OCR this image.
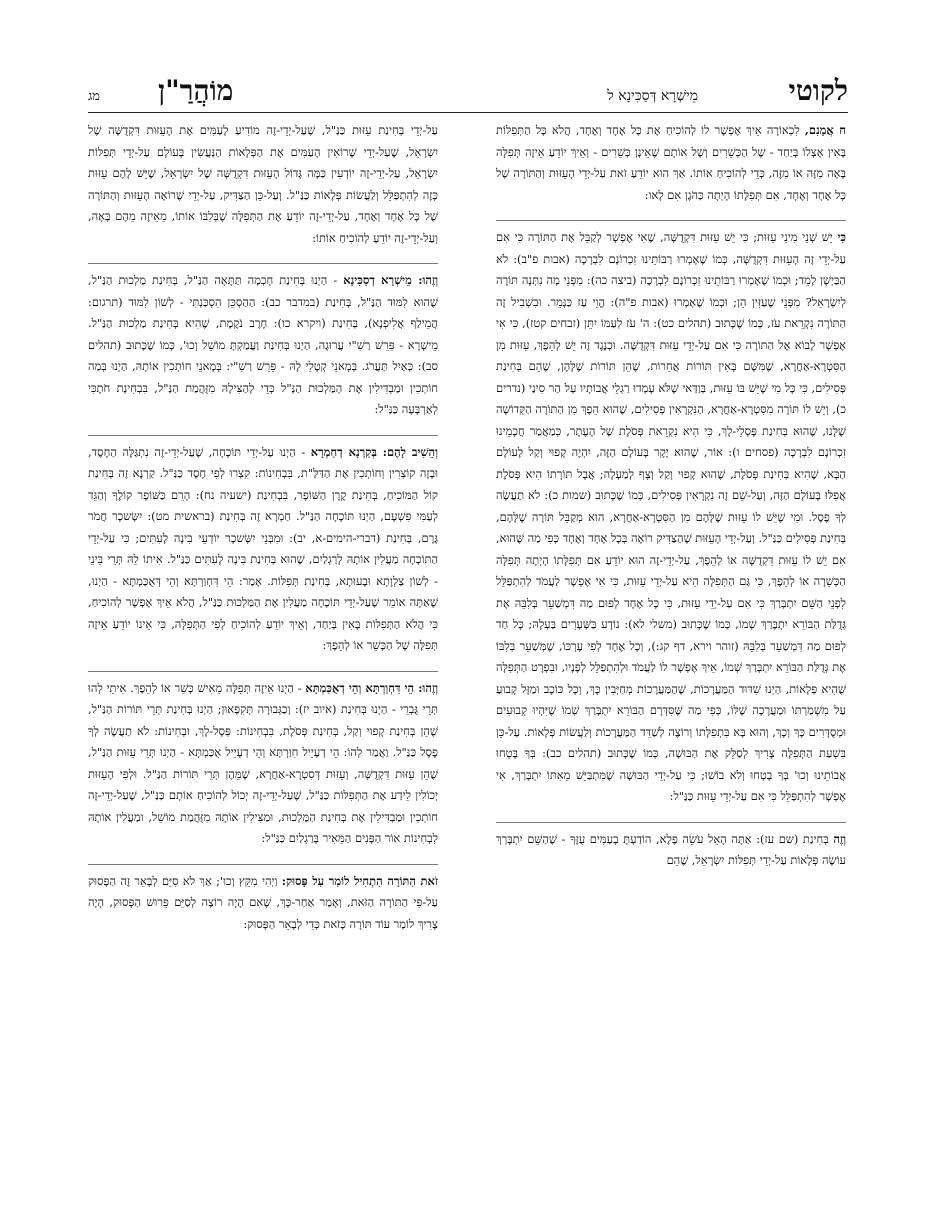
לקוטי
מֵישְׁרָא דְּסַכִּינָא ל
מוֹהֲרַ"ן
מג

ח אֲמָנִם, לִכְאוֹרָה אֵיךְ אֶפְשָׁר לוֹ לְהוֹכִיחַ אֶת כָּל אֶחָד וְאֶחָד, הֲלֹא כָּל הַתְּפִלּוֹת בָּאִין אֶצְלוֹ בְּיַחַד - שֶׁל הַכְּשֵׁרִים וְשֶׁל אוֹתָם שֶׁאֵינָן כְּשֵׁרִים - וְאֵיךְ יוֹדֵעַ אֵיזֶה תְּפִלָּה בָּאָה מִזֶּה אוֹ מִזֶּה, כְּדֵי לְהוֹכִיחַ אוֹתוֹ. אַךְ הוּא יוֹדֵעַ זֹאת עַל-יְדֵי הָעֵזּוּת וְהַתּוֹרָה שֶׁל כָּל אֶחָד וְאֶחָד, אִם תְּפִלָּתוֹ הָיְתָה כַּהֹגֶן אִם לָאו:

כִּי יֵשׁ שְׁנֵי מִינֵי עֵזּוּת; כִּי יֵשׁ עֵזּוּת דִּקְדֻשָּׁה, שֶׁאִי אֶפְשָׁר לְקַבֵּל אֶת הַתּוֹרָה כִּי אִם עַל-יְדֵי זֶה הָעֵזּוּת דִּקְדֻשָּׁה, כְּמוֹ שֶׁאָמְרוּ רַבּוֹתֵינוּ זִכְרוֹנָם לִבְרָכָה (אבות פ"ב): לֹא הַבַּיְשָׁן לָמֵד; וּכְמוֹ שֶׁאָמְרוּ רַבּוֹתֵינוּ זִכְרוֹנָם לִבְרָכָה (ביצה כה): מִפְּנֵי מָה נִתְּנָה תּוֹרָה לְיִשְׂרָאֵל? מִפְּנֵי שֶׁעַזִּין הֵן; וּכְמוֹ שֶׁאָמְרוּ (אבות פ"ה): הֱוֵי עַז כַּנָּמֵר. וּבִשְׁבִיל זֶה הַתּוֹרָה נִקְרֵאת עֹז, כְּמוֹ שֶׁכָּתוּב (תהלים כט): ה' עֹז לְעַמּוֹ יִתֵּן (זבחים קטז), כִּי אִי אֶפְשָׁר לָבוֹא אֶל הַתּוֹרָה כִּי אִם עַל-יְדֵי עֵזּוּת דִּקְדֻשָּׁה. וּכְנֶגֶד זֶה יֵשׁ לְהֵפֶךְ, עֵזּוּת מִן הַסִּטְרָא-אַחֲרָא, שֶׁמִּשָּׁם בָּאִין תּוֹרוֹת אֲחֵרוֹת, שֶׁהֵן תּוֹרוֹת שֶׁלָּהֶן, שֶׁהֵם בְּחִינַת פְּסִילִים, כִּי כָּל מִי שֶׁיֵּשׁ בּוֹ עֵזּוּת, בְּוַדַּאי שֶׁלֹּא עָמְדוּ רַגְלֵי אֲבוֹתָיו עַל הַר סִינַי (נדרים כ), וְיֵשׁ לוֹ תּוֹרָה מִסִּטְרָא-אַחֲרָא, הַנִּקְרָאִין פְּסִילִים, שֶׁהוּא הֵפֶךְ מִן הַתּוֹרָה הַקְּדוֹשָׁה שֶׁלָּנוּ, שֶׁהוּא בְּחִינַת פָּסְלֵי-לָךְ, כִּי הִיא נִקְרֵאת פְּסֹלֶת שֶׁל הָעֶתֶר, כְּמַאֲמַר חֲכָמֵינוּ זִכְרוֹנָם לִבְרָכָה (פסחים ו): אוֹר, שֶׁהוּא יָקָר בָּעוֹלָם הַזֶּה, יִהְיֶה קָפוּי וְקַל לָעוֹלָם הַבָּא, שֶׁהִיא בְּחִינַת פְּסֹלֶת, שֶׁהוּא קָפוּי וְקַל וְצָף לְמַעְלָה; אֲבָל תּוֹרָתוֹ הִיא פְּסֹלֶת אֲפִלּוּ בָּעוֹלָם הַזֶּה, וְעַל-שֵׁם זֶה נִקְרָאִין פְּסִילִים, כְּמוֹ שֶׁכָּתוּב (שמות כ): לֹא תַעֲשֶׂה לְךָ פֶסֶל. וּמִי שֶׁיֵּשׁ לוֹ עֵזּוּת שֶׁלָּהֶם מִן הַסִּטְרָא-אַחֲרָא, הוּא מְקַבֵּל תּוֹרָה שֶׁלָּהֶם, בְּחִינַת פְּסִילִים כַּנַּ"ל. וְעַל-יְדֵי הָעֵזּוּת שֶׁהַצַּדִּיק רוֹאֶה בְּכָל אֶחָד וְאֶחָד כְּפִי מַה שֶּׁהוּא, אִם יֵשׁ לוֹ עֵזּוּת דִּקְדֻשָּׁה אוֹ לְהֵפֶךְ, עַל-יְדֵי-זֶה הוּא יוֹדֵעַ אִם תְּפִלָּתוֹ הָיְתָה תְּפִלָּה הַכְּשֵׁרָה אוֹ לְהֵפֶךְ, כִּי גַּם הַתְּפִלָּה הִיא עַל-יְדֵי עֵזּוּת, כִּי אִי אֶפְשָׁר לַעֲמֹד לְהִתְפַּלֵּל לִפְנֵי הַשֵּׁם יִתְבָּרַךְ כִּי אִם עַל-יְדֵי עֵזּוּת, כִּי כָּל אֶחָד לְפוּם מַה דִּמְשַׁעֵר בְּלִבֵּהּ אֶת גְּדֻלַּת הַבּוֹרֵא יִתְבָּרַךְ שְׁמוֹ, כְּמוֹ שֶׁכָּתוּב (משלי לא): נוֹדָע בַּשְּׁעָרִים בַּעְלָהּ; כָּל חַד לְפוּם מַה דִּמְשַׁעֵר בְּלִבֵּהּ (זוהר וירא, דף קג:), וְכָל אֶחָד לְפִי עֶרְכּוֹ, שֶׁמְּשַׁעֵר בְּלִבּוֹ אֶת גְּדֻלַּת הַבּוֹרֵא יִתְבָּרַךְ שְׁמוֹ, אֵיךְ אֶפְשָׁר לוֹ לַעֲמֹד וּלְהִתְפַּלֵּל לְפָנָיו, וּבִפְרָט הַתְּפִלָּה שֶׁהִיא פְּלָאוֹת, הַיְנוּ שִׁדּוּד הַמַּעֲרָכוֹת, שֶׁהַמַּעֲרָכוֹת מְחַיְּבִין כָּךְ, וְכָל כּוֹכָב וּמַזָּל קָבוּעַ עַל מִשְׁמַרְתּוֹ וּמַעֲרָכָה שֶׁלּוֹ, כְּפִי מַה שֶּׁסִּדְּרָם הַבּוֹרֵא יִתְבָּרַךְ שְׁמוֹ שֶׁיִּהְיוּ קְבוּעִים וּמְסֻדָּרִים כָּךְ וְכָךְ, וְהוּא בָּא בִּתְפִלָּתוֹ וְרוֹצֶה לְשַׁדֵּד הַמַּעֲרָכוֹת וְלַעֲשׂוֹת פְּלָאוֹת. עַל-כֵּן בִּשְׁעַת הַתְּפִלָּה צָרִיךְ לְסַלֵּק אֶת הַבּוּשָׁה, כְּמוֹ שֶׁכָּתוּב (תהלים כב): בְּךָ בָּטְחוּ אֲבוֹתֵינוּ וְכוּ' בְּךָ בָטְחוּ וְלֹא בוֹשׁוּ; כִּי עַל-יְדֵי הַבּוּשָׁה שֶׁמִּתְבַּיֵּשׁ מֵאִתּוֹ יִתְבָּרַךְ, אִי אֶפְשָׁר לְהִתְפַּלֵּל כִּי אִם עַל-יְדֵי עֵזּוּת כַּנַּ"ל:

וְזֶה בְּחִינַת (שם עז): אַתָּה הָאֵל עֹשֵׂה פֶלֶא, הוֹדַעְתָּ בָעַמִּים עֻזֶּךָ - שֶׁהַשֵּׁם יִתְבָּרַךְ עוֹשֶׂה פְּלָאוֹת עַל-יְדֵי תְּפִלּוֹת יִשְׂרָאֵל, שֶׁהֵם

עַל-יְדֵי בְּחִינַת עֵזּוּת כַּנַּ"ל, שֶׁעַל-יְדֵי-זֶה מוֹדִיעַ לָעַמִּים אֶת הָעֵזּוּת דִּקְדֻשָּׁה שֶׁל יִשְׂרָאֵל, שֶׁעַל-יְדֵי שֶׁרוֹאִין הָעַמִּים אֶת הַפְּלָאוֹת הַנַּעֲשִׂין בָּעוֹלָם עַל-יְדֵי תְּפִלּוֹת יִשְׂרָאֵל, עַל-יְדֵי-זֶה יוֹדְעִין כַּמָּה גָּדוֹל הָעֵזּוּת דִּקְדֻשָּׁה שֶׁל יִשְׂרָאֵל, שֶׁיֵּשׁ לָהֶם עֵזּוּת כָּזֶה לְהִתְפַּלֵּל וְלַעֲשׂוֹת פְּלָאוֹת כַּנַּ"ל. וְעַל-כֵּן הַצַּדִּיק, עַל-יְדֵי שֶׁרוֹאֶה הָעֵזּוּת וְהַתּוֹרָה שֶׁל כָּל אֶחָד וְאֶחָד, עַל-יְדֵי-זֶה יוֹדֵעַ אֶת הַתְּפִלָּה שֶׁבְּלִבּוֹ אוֹתוֹ, מֵאֵיזֶה מֵהֶם בָּאָה, וְעַל-יְדֵי-זֶה יוֹדֵעַ לְהוֹכִיחַ אוֹתוֹ:

וְזֶהוּ: מֵישְׁרָא דְסַכִּינָא - הַיְנוּ בְּחִינַת חָכְמָה תַּתָּאָה הַנַּ"ל, בְּחִינַת מַלְכוּת הַנַּ"ל, שֶׁהוּא לִמּוּד הַנַּ"ל, בְּחִינַת (במדבר כב): הַהַסְכֵּן הִסְכַּנְתִּי - לְשׁוֹן לִמּוּד (תרגום: הֲמֵילַף אֲלִיפְנָא), בְּחִינַת (ויקרא כו): חֶרֶב נֹקֶמֶת, שֶׁהִיא בְּחִינַת מַלְכוּת הַנַּ"ל. מֵישְׁרָא - פֵּרֵשׁ רַשִׁ"י עֲרוּגָה, הַיְנוּ בְּחִינַת וַעֲמַקְתָּ מוֹשֵׁל וְכוּ', כְּמוֹ שֶׁכָּתוּב (תהלים סב): כְּאַיִל תַּעֲרֹג. בְּמָאנֵי קְטָלֵי לָהּ - פֵּרֵשׁ רַשִׁ"י: בְּמָאנֵי חוֹתְכִין אוֹתָהּ, הַיְנוּ בְּמַה חוֹתְכִין וּמַבְדִּילִין אֶת הַמַּלְכוּת הַנַּ"ל כְּדֵי לְהַצִּילָהּ מִזֻּהֲמַת הַנַּ"ל, בִּבְחִינַת חֹתֶכִּי לְאַרְבָּעָה כַּנַּ"ל:

וְהֵשִׁיב לָהֶם: בְּקַרְנָא דְחַמְרָא - הַיְנוּ עַל-יְדֵי תּוֹכָחָה, שֶׁעַל-יְדֵי-זֶה נִתְגַּלֶּה הַחֶסֶד, וּבָזֶה קוֹצְרִין וְחוֹתְכִין אֶת הַדַּלַּ"ת, בִּבְחִינוֹת: קִצְרוּ לְפִי חֶסֶד כַּנַּ"ל. קַרְנָא זֶה בְּחִינַת קוֹל הַמּוֹכִיחַ, בְּחִינַת קֶרֶן הַשּׁוֹפָר, בִּבְחִינַת (ישעיה נח): הָרֵם כַּשּׁוֹפָר קוֹלֶךָ וְהַגֵּד לְעַמִּי פִּשְׁעָם, הַיְנוּ תּוֹכָחָה הַנַּ"ל. חַמְרָא זֶה בְּחִינַת (בראשית מט): יִשָּׂשכָר חֲמֹר גָּרֶם, בְּחִינַת (דברי-הימים-א, יב): וּמִבְּנֵי יִשָּׂשכָר יוֹדְעֵי בִינָה לָעִתִּים; כִּי עַל-יְדֵי הַתּוֹכָחָה מַעֲלִין אוֹתָהּ לָרַגְלַיִם, שֶׁהוּא בְּחִינַת בִּינָה לָעִתִּים כַּנַּ"ל. אִיתוֹ לֵהּ תְּרֵי בֵּינֵי - לְשׁוֹן צַלְוָתָא וּבָעוּתָא, בְּחִינַת תְּפִלּוֹת. אָמַר: הֵי דִּחְוַרְתָּא וְהֵי דְּאֻכַּמְתָּא - הַיְנוּ, שֶׁאַתָּה אוֹמֵר שֶׁעַל-יְדֵי תּוֹכָחָה מַעֲלִין אֶת הַמַּלְכוּת כַּנַּ"ל, הֲלֹא אֵיךְ אֶפְשָׁר לְהוֹכִיחַ, כִּי הֲלֹא הַתְּפִלּוֹת בָּאִין בְּיַחַד, וְאֵיךְ יוֹדֵעַ לְהוֹכִיחַ לְפִי הַתְּפִלָּה, כִּי אֵינוֹ יוֹדֵעַ אֵיזֶה תְּפִלָּה שֶׁל הַכָּשֵׁר אוֹ לְהֵפֶךְ:

וְזֶהוּ: הֵי דִּחְוַרְתָּא וְהֵי דְאֻכַּמְתָּא - הַיְנוּ אֵיזֶה תְּפִלָּה מֵאִישׁ כָּשֵׁר אוֹ לְהֵפֶךְ. אִיתֵי לְהוּ תְּרֵי גֻּבְרֵי - הַיְנוּ בְּחִינַת (איוב יז): וְכַגְּבוּרָה תְּקִפָאוּן; הַיְנוּ בְּחִינַת תְּרֵי תּוֹרוֹת הַנַּ"ל, שֶׁהֵן בְּחִינַת קָפוּי וְקַל, בְּחִינַת פְּסֹלֶת, בִּבְחִינוֹת: פְּסָל-לָךְ, וּבְחִינוֹת: לֹא תַעֲשֶׂה לְךָ פֶסֶל כַּנַּ"ל. וַאֲמַר לְהוֹ: הֵי דְעָיֵיל חִוַּרְתָּא וְהֵי דְעָיֵיל אֻכַּמְתָּא - הַיְנוּ תְּרֵי עֵזּוּת הַנַּ"ל, שֶׁהֵן עֵזּוּת דִּקְדֻשָּׁה, וְעֵזּוּת דְּסִטְרָא-אַחֲרָא, שֶׁמֵּהֶן תְּרֵי תּוֹרוֹת הַנַּ"ל. וּלְפִי הָעֵזּוּת יְכוֹלִין לֵידַע אֶת הַתְּפִלּוֹת כַּנַּ"ל, שֶׁעַל-יְדֵי-זֶה יְכוֹל לְהוֹכִיחַ אוֹתָם כַּנַּ"ל, שֶׁעַל-יְדֵי-זֶה חוֹתְכִין וּמַבְדִּילִין אֶת בְּחִינַת הַמַּלְכוּת, וּמַצִּילִין אוֹתָהּ מִזֻּהֲמַת מוֹשֵׁל, וּמַעֲלִין אוֹתָהּ לִבְחִינוֹת אוֹר הַפָּנִים הַמֵּאִיר בָּרַגְלַיִם כַּנַּ"ל:

זֹאת הַתּוֹרָה הִתְחִיל לוֹמַר עַל פָּסוּק: וַיְהִי מִקֵּץ וְכוּ'; אַךְ לֹא סִיֵּם לְבָאֵר זֶה הַפָּסוּק עַל-פִּי הַתּוֹרָה הַזֹּאת, וְאָמַר אַחַר-כָּךְ, שֶׁאִם הָיָה רוֹצֶה לְסַיֵּם פֵּרוּשׁ הַפָּסוּק, הָיָה צָרִיךְ לוֹמַר עוֹד תּוֹרָה כָּזֹאת כְּדֵי לְבָאֵר הַפָּסוּק:
